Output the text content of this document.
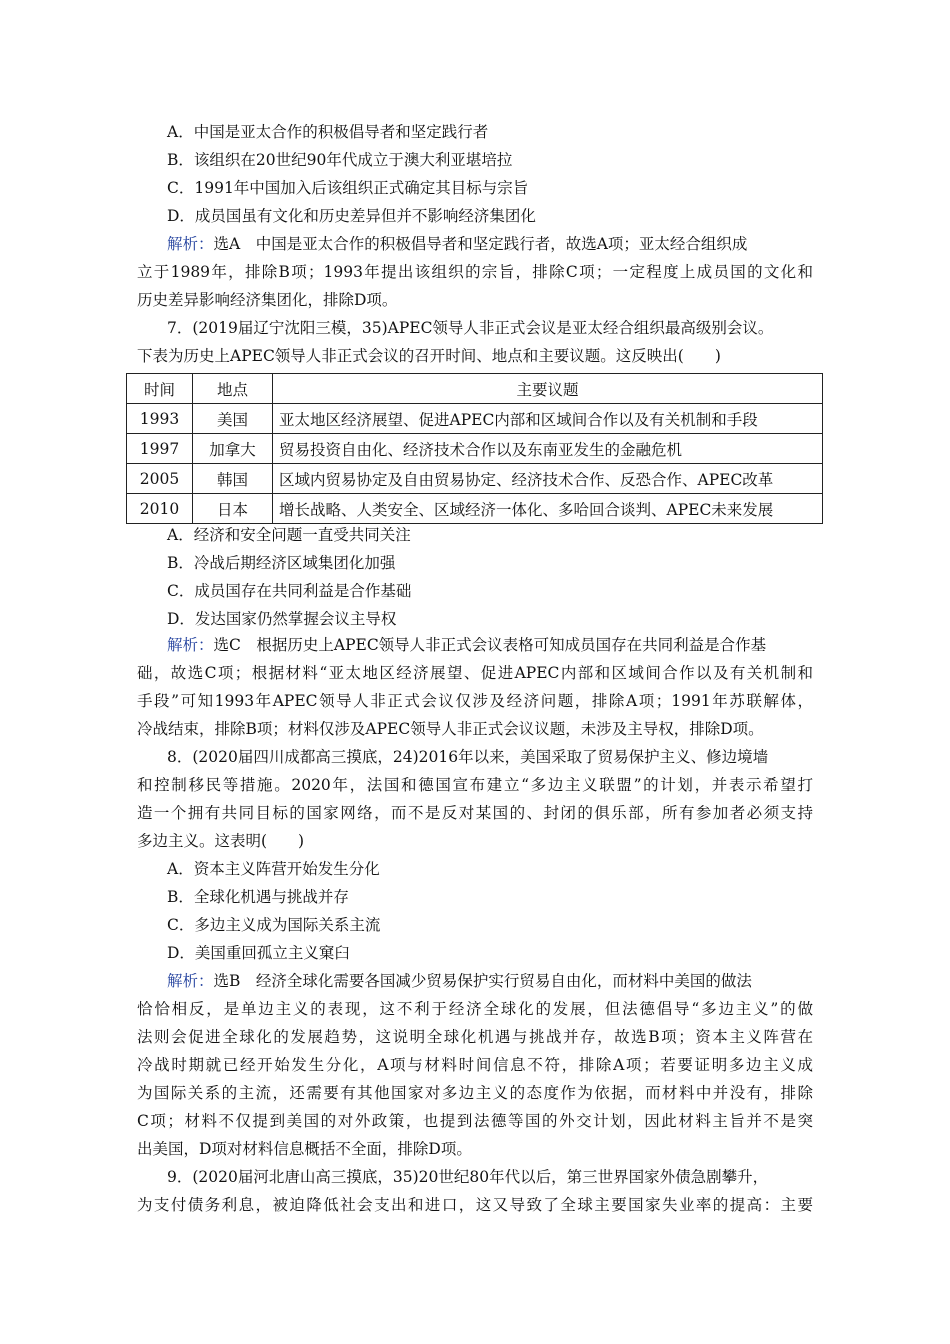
A．中国是亚太合作的积极倡导者和坚定践行者
B．该组织在20世纪90年代成立于澳大利亚堪培拉
C．1991年中国加入后该组织正式确定其目标与宗旨
D．成员国虽有文化和历史差异但并不影响经济集团化
解析：选A　中国是亚太合作的积极倡导者和坚定践行者，故选A项；亚太经合组织成
立于1989年，排除B项；1993年提出该组织的宗旨，排除C项；一定程度上成员国的文化和
历史差异影响经济集团化，排除D项。
7．(2019届辽宁沈阳三模，35)APEC领导人非正式会议是亚太经合组织最高级别会议。
下表为历史上APEC领导人非正式会议的召开时间、地点和主要议题。这反映出(　　)
时间	地点	主要议题
1993	美国	亚太地区经济展望、促进APEC内部和区域间合作以及有关机制和手段
1997	加拿大	贸易投资自由化、经济技术合作以及东南亚发生的金融危机
2005	韩国	区域内贸易协定及自由贸易协定、经济技术合作、反恐合作、APEC改革
2010	日本	增长战略、人类安全、区域经济一体化、多哈回合谈判、APEC未来发展
A．经济和安全问题一直受共同关注
B．冷战后期经济区域集团化加强
C．成员国存在共同利益是合作基础
D．发达国家仍然掌握会议主导权
解析：选C　根据历史上APEC领导人非正式会议表格可知成员国存在共同利益是合作基
础，故选C项；根据材料“亚太地区经济展望、促进APEC内部和区域间合作以及有关机制和
手段”可知1993年APEC领导人非正式会议仅涉及经济问题，排除A项；1991年苏联解体，
冷战结束，排除B项；材料仅涉及APEC领导人非正式会议议题，未涉及主导权，排除D项。
8．(2020届四川成都高三摸底，24)2016年以来，美国采取了贸易保护主义、修边境墙
和控制移民等措施。2020年，法国和德国宣布建立“多边主义联盟”的计划，并表示希望打
造一个拥有共同目标的国家网络，而不是反对某国的、封闭的俱乐部，所有参加者必须支持
多边主义。这表明(　　)
A．资本主义阵营开始发生分化
B．全球化机遇与挑战并存
C．多边主义成为国际关系主流
D．美国重回孤立主义窠臼
解析：选B　经济全球化需要各国减少贸易保护实行贸易自由化，而材料中美国的做法
恰恰相反，是单边主义的表现，这不利于经济全球化的发展，但法德倡导“多边主义”的做
法则会促进全球化的发展趋势，这说明全球化机遇与挑战并存，故选B项；资本主义阵营在
冷战时期就已经开始发生分化，A项与材料时间信息不符，排除A项；若要证明多边主义成
为国际关系的主流，还需要有其他国家对多边主义的态度作为依据，而材料中并没有，排除
C项；材料不仅提到美国的对外政策，也提到法德等国的外交计划，因此材料主旨并不是突
出美国，D项对材料信息概括不全面，排除D项。
9．(2020届河北唐山高三摸底，35)20世纪80年代以后，第三世界国家外债急剧攀升，
为支付债务利息，被迫降低社会支出和进口，这又导致了全球主要国家失业率的提高：主要
